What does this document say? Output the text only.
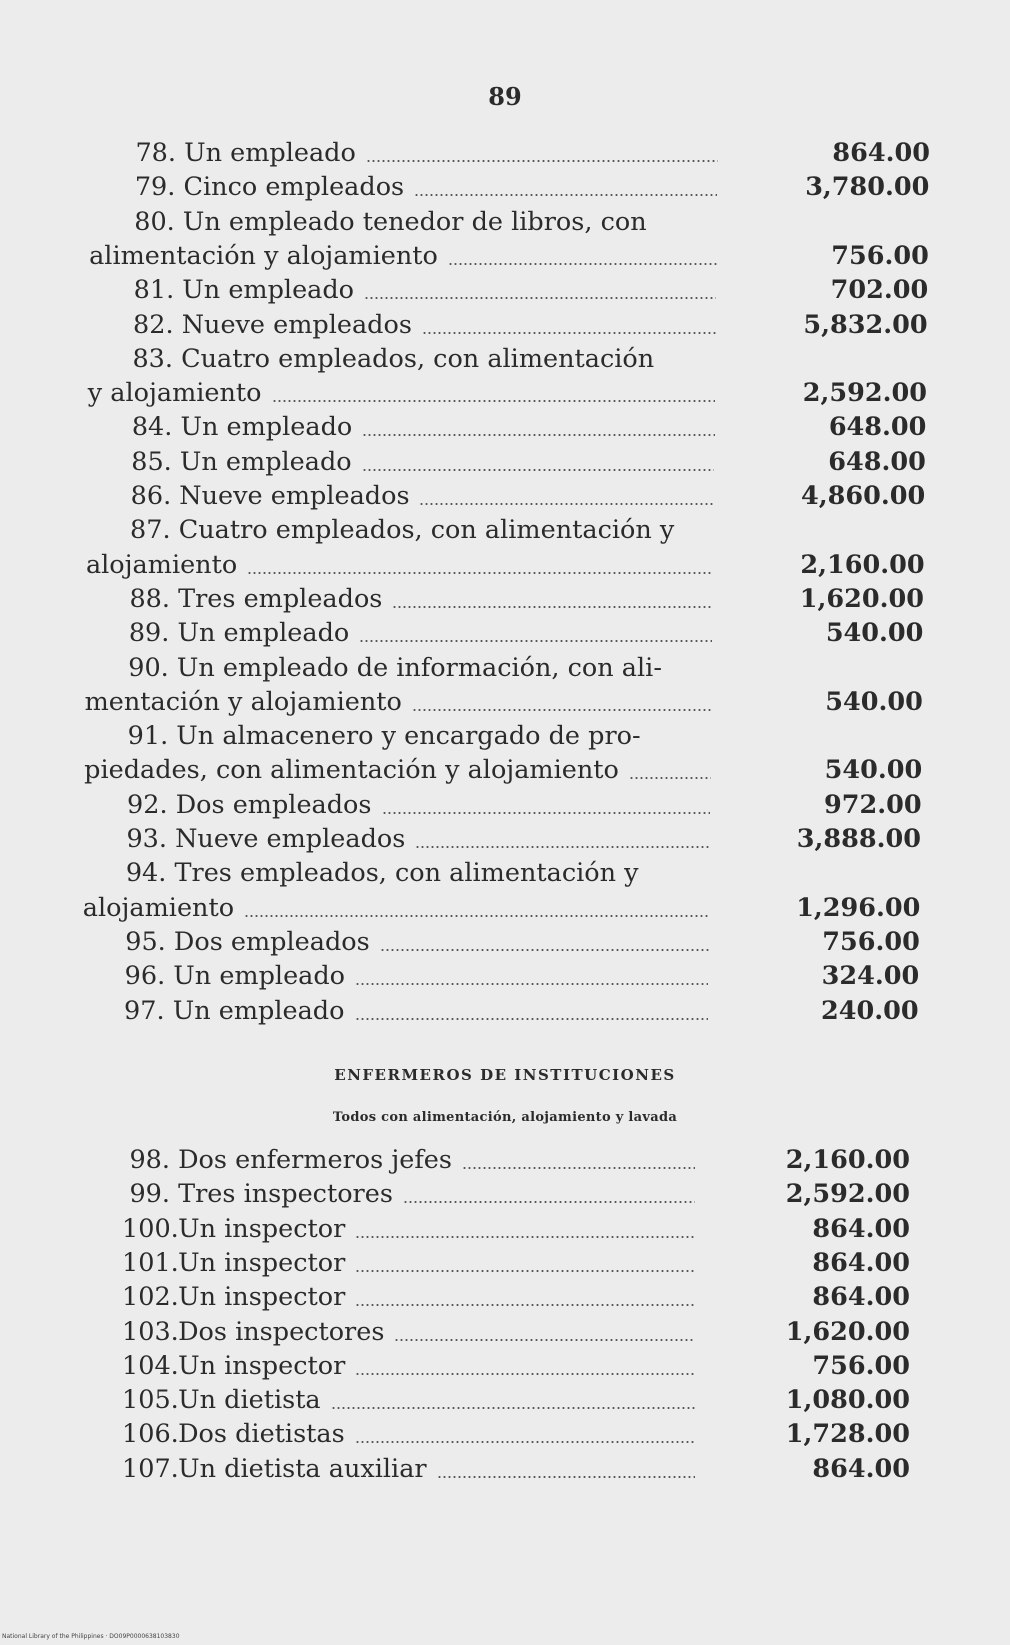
89
78. Un empleado	864.00
79. Cinco empleados	3,780.00
80. Un empleado tenedor de libros, con
alimentación y alojamiento	756.00
81. Un empleado	702.00
82. Nueve empleados	5,832.00
83. Cuatro empleados, con alimentación
y alojamiento	2,592.00
84. Un empleado	648.00
85. Un empleado	648.00
86. Nueve empleados	4,860.00
87. Cuatro empleados, con alimentación y
alojamiento	2,160.00
88. Tres empleados	1,620.00
89. Un empleado	540.00
90. Un empleado de información, con ali-
mentación y alojamiento	540.00
91. Un almacenero y encargado de pro-
piedades, con alimentación y alojamiento	540.00
92. Dos empleados	972.00
93. Nueve empleados	3,888.00
94. Tres empleados, con alimentación y
alojamiento	1,296.00
95. Dos empleados	756.00
96. Un empleado	324.00
97. Un empleado	240.00
98. Dos enfermeros jefes	2,160.00
99. Tres inspectores	2,592.00
100. Un inspector	864.00
101. Un inspector	864.00
102. Un inspector	864.00
103. Dos inspectores	1,620.00
104. Un inspector	756.00
105. Un dietista	1,080.00
106. Dos dietistas	1,728.00
107. Un dietista auxiliar	864.00
ENFERMEROS DE INSTITUCIONES
Todos con alimentación, alojamiento y lavada
National Library of the Philippines · DO09P0000638103830
